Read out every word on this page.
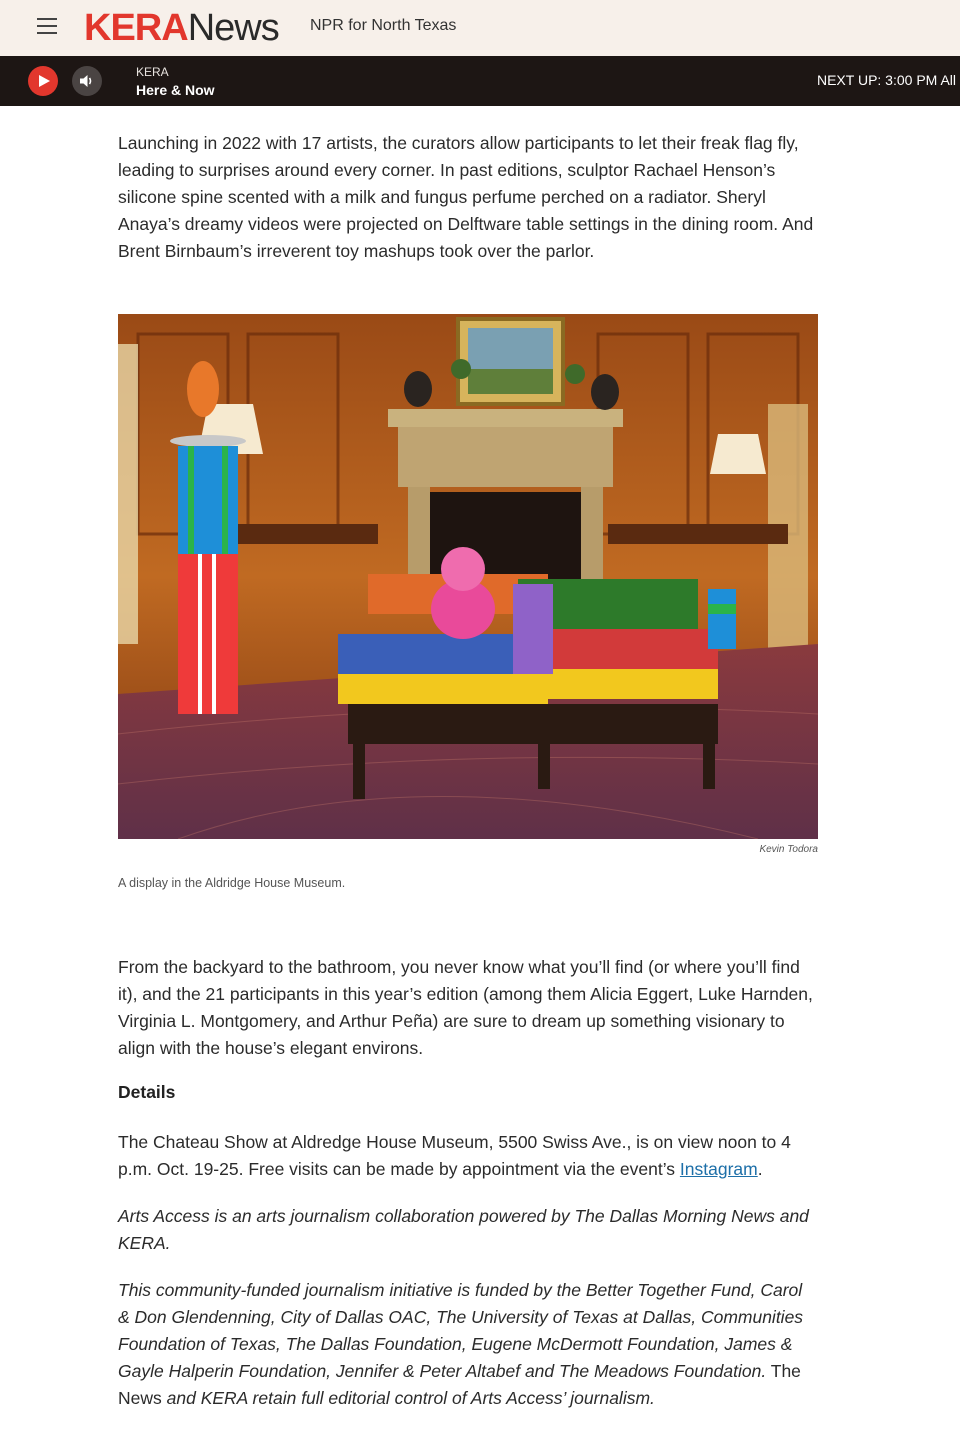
KERA News NPR for North Texas
KERA
Here & Now
NEXT UP: 3:00 PM All

Launching in 2022 with 17 artists, the curators allow participants to let their freak flag fly, leading to surprises around every corner. In past editions, sculptor Rachael Henson’s silicone spine scented with a milk and fungus perfume perched on a radiator. Sheryl Anaya’s dreamy videos were projected on Delftware table settings in the dining room. And Brent Birnbaum’s irreverent toy mashups took over the parlor.

Kevin Todora
A display in the Aldridge House Museum.

From the backyard to the bathroom, you never know what you’ll find (or where you’ll find it), and the 21 participants in this year’s edition (among them Alicia Eggert, Luke Harnden, Virginia L. Montgomery, and Arthur Peña) are sure to dream up something visionary to align with the house’s elegant environs.

Details

The Chateau Show at Aldredge House Museum, 5500 Swiss Ave., is on view noon to 4 p.m. Oct. 19-25. Free visits can be made by appointment via the event’s Instagram.

Arts Access is an arts journalism collaboration powered by The Dallas Morning News and KERA.

This community-funded journalism initiative is funded by the Better Together Fund, Carol & Don Glendenning, City of Dallas OAC, The University of Texas at Dallas, Communities Foundation of Texas, The Dallas Foundation, Eugene McDermott Foundation, James & Gayle Halperin Foundation, Jennifer & Peter Altabef and The Meadows Foundation. The News and KERA retain full editorial control of Arts Access’ journalism.
